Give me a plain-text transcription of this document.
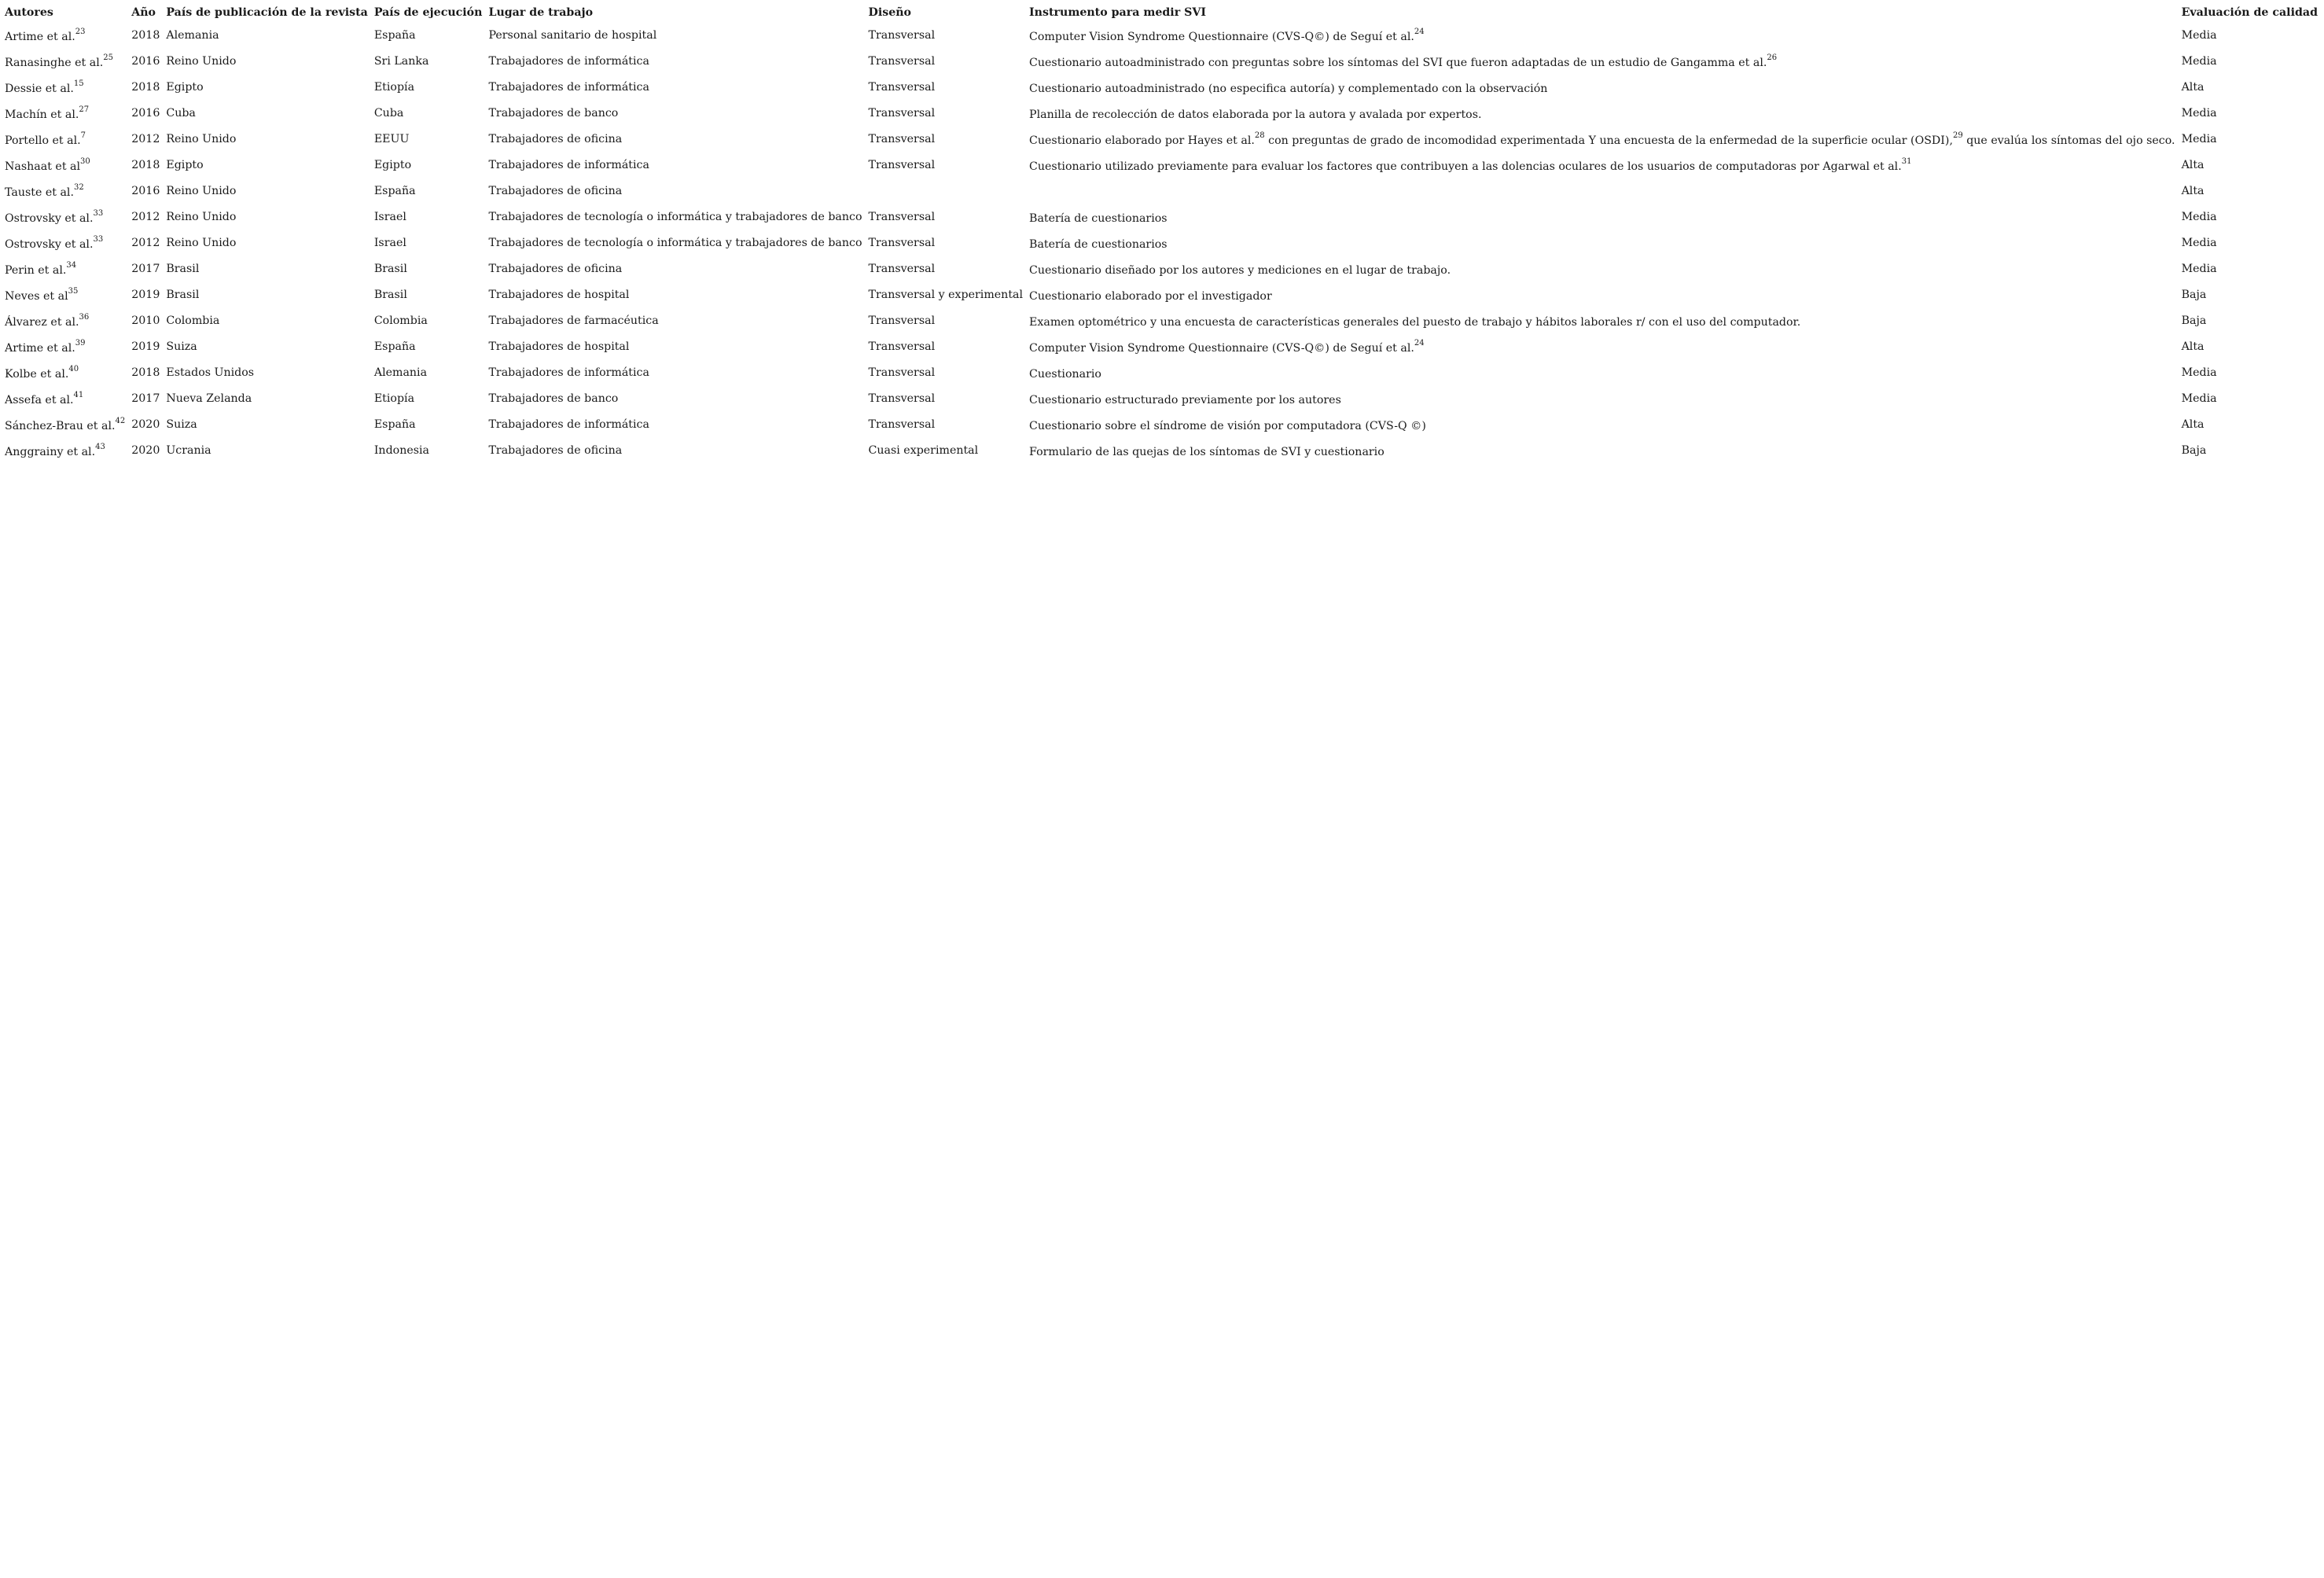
Autores	Año	País de publicación de la revista	País de ejecución	Lugar de trabajo	Diseño	Instrumento para medir SVI	Evaluación de calidad
Artime et al.$^{23}$	2018	Alemania	España	Personal sanitario de hospital	Transversal	Computer Vision Syndrome Questionnaire (CVS-Q©) de Seguí et al.$^{24}$	Media
Ranasinghe et al.$^{25}$	2016	Reino Unido	Sri Lanka	Trabajadores de informática	Transversal	Cuestionario autoadministrado con preguntas sobre los síntomas del SVI que fueron adaptadas de un estudio de Gangamma et al.$^{26}$	Media
Dessie et al.$^{15}$	2018	Egipto	Etiopía	Trabajadores de informática	Transversal	Cuestionario autoadministrado (no especifica autoría) y complementado con la observación	Alta
Machín et al.$^{27}$	2016	Cuba	Cuba	Trabajadores de banco	Transversal	Planilla de recolección de datos elaborada por la autora y avalada por expertos.	Media
Portello et al.$^7$	2012	Reino Unido	EEUU	Trabajadores de oficina	Transversal	Cuestionario elaborado por Hayes et al.$^{28}$ con preguntas de grado de incomodidad experimentada Y una encuesta de la enfermedad de la superficie ocular (OSDI),$^{29}$ que evalúa los síntomas del ojo seco.	Media
Nashaat et $al^{30}$	2018	Egipto	Egipto	Trabajadores de informática	Transversal	Cuestionario utilizado previamente para evaluar los factores que contribuyen a las dolencias oculares de los usuarios de computadoras por Agarwal et al.$^{31}$	Alta
Tauste et al.$^{32}$	2016	Reino Unido	España	Trabajadores de oficina			Alta
Ostrovsky et al.$^{33}$	2012	Reino Unido	Israel	Trabajadores de tecnología o informática y trabajadores de banco	Transversal	Batería de cuestionarios	Media
Ostrovsky et al.$^{33}$	2012	Reino Unido	Israel	Trabajadores de tecnología o informática y trabajadores de banco	Transversal	Batería de cuestionarios	Media
Perin et al.$^{34}$	2017	Brasil	Brasil	Trabajadores de oficina	Transversal	Cuestionario diseñado por los autores y mediciones en el lugar de trabajo.	Media
Neves et $al^{35}$	2019	Brasil	Brasil	Trabajadores de hospital	Transversal y experimental	Cuestionario elaborado por el investigador	Baja
Álvarez et al.$^{36}$	2010	Colombia	Colombia	Trabajadores de farmacéutica	Transversal	Examen optométrico y una encuesta de características generales del puesto de trabajo y hábitos laborales r/ con el uso del computador.	Baja
Artime et al.$^{39}$	2019	Suiza	España	Trabajadores de hospital	Transversal	Computer Vision Syndrome Questionnaire (CVS-Q©) de Seguí et al.$^{24}$	Alta
Kolbe et al.$^{40}$	2018	Estados Unidos	Alemania	Trabajadores de informática	Transversal	Cuestionario	Media
Assefa et al.$^{41}$	2017	Nueva Zelanda	Etiopía	Trabajadores de banco	Transversal	Cuestionario estructurado previamente por los autores	Media
Sánchez-Brau et al.$^{42}$	2020	Suiza	España	Trabajadores de informática	Transversal	Cuestionario sobre el síndrome de visión por computadora (CVS-Q ©)	Alta
Anggrainy et al.$^{43}$	2020	Ucrania	Indonesia	Trabajadores de oficina	Cuasi experimental	Formulario de las quejas de los síntomas de SVI y cuestionario	Baja
